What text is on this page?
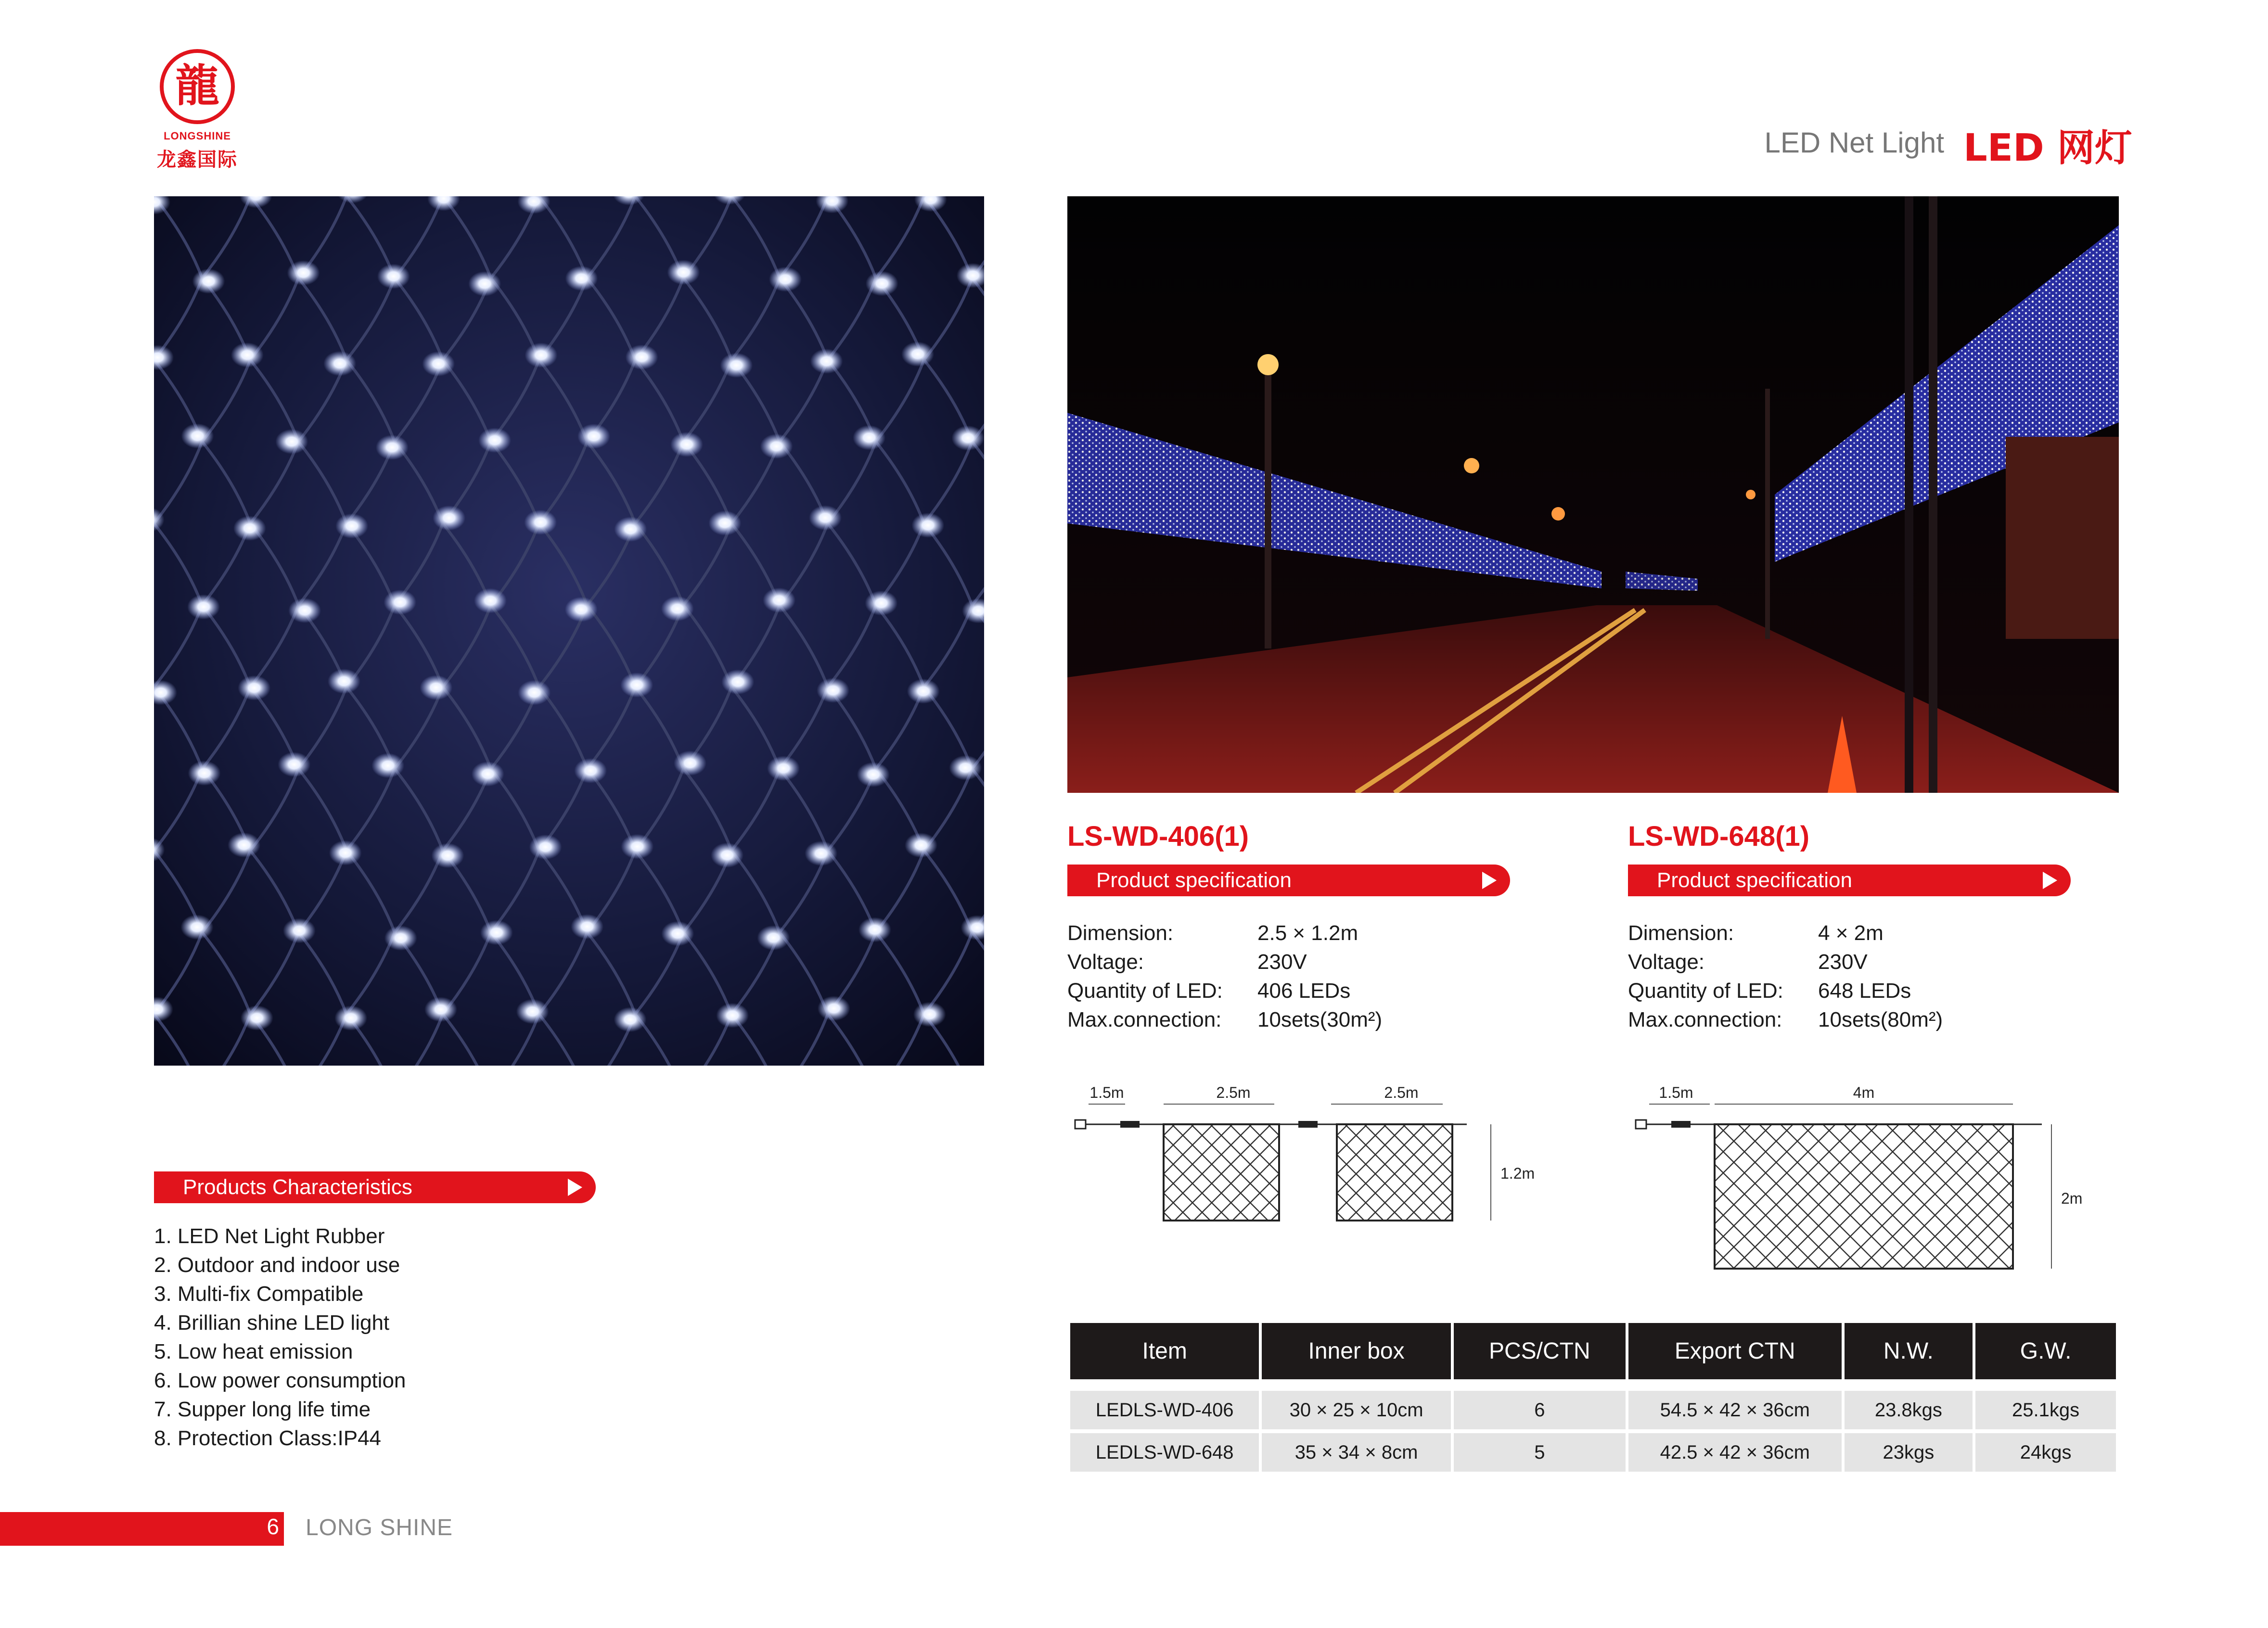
龍
LONGSHINE
龙鑫国际
LED Net Light LED 网灯
LS-WD-406(1)
Product specification
Dimension:	2.5 × 1.2m
Voltage:	230V
Quantity of LED: 406 LEDs
Max.connection: 10sets(30m²)
1.5m	2.5m	2.5m
1.2m
LS-WD-648(1)
Product specification
Dimension:	4 × 2m
Voltage:	230V
Quantity of LED: 648 LEDs
Max.connection: 10sets(80m²)
1.5m	4m
2m
Products Characteristics
1. LED Net Light Rubber
2. Outdoor and indoor use
3. Multi-fix Compatible
4. Brillian shine LED light
5. Low heat emission
6. Low power consumption
7. Supper long life time
8. Protection Class:IP44
Item	Inner box	PCS/CTN	Export CTN	N.W.	G.W.

LEDLS-WD-406	30 × 25 × 10cm	6	54.5 × 42 × 36cm	23.8kgs	25.1kgs

LEDLS-WD-648	35 × 34 × 8cm	5	42.5 × 42 × 36cm	23kgs	24kgs
6 LONG SHINE
